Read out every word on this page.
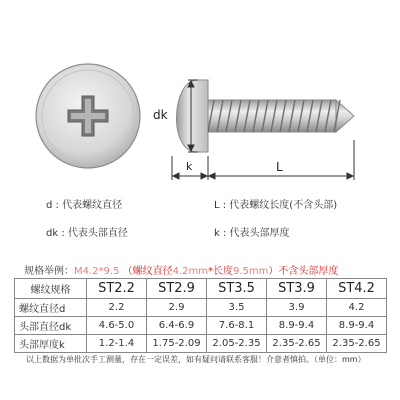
dk
k	L
d : 代表螺纹直径	L : 代表螺纹长度(不含头部)
dk : 代表头部直径	k : 代表头部厚度
规格举例：M4.2*9.5 （螺纹直径4.2mm*长度9.5mm）不含头部厚度
螺纹规格	ST2.2	ST2.9	ST3.5	ST3.9	ST4.2
螺纹直径d	2.2	2.9	3.5	3.9	4.2
头部直径dk	4.6-5.0	6.4-6.9	7.6-8.1	8.9-9.4	8.9-9.4
头部厚度k	1.2-1.4	1.75-2.09	2.05-2.35	2.35-2.65	2.35-2.65
以上数据为单批次手工测量，存在一定误差，如有疑问请联系客服！介意者慎拍。（单位：mm）
